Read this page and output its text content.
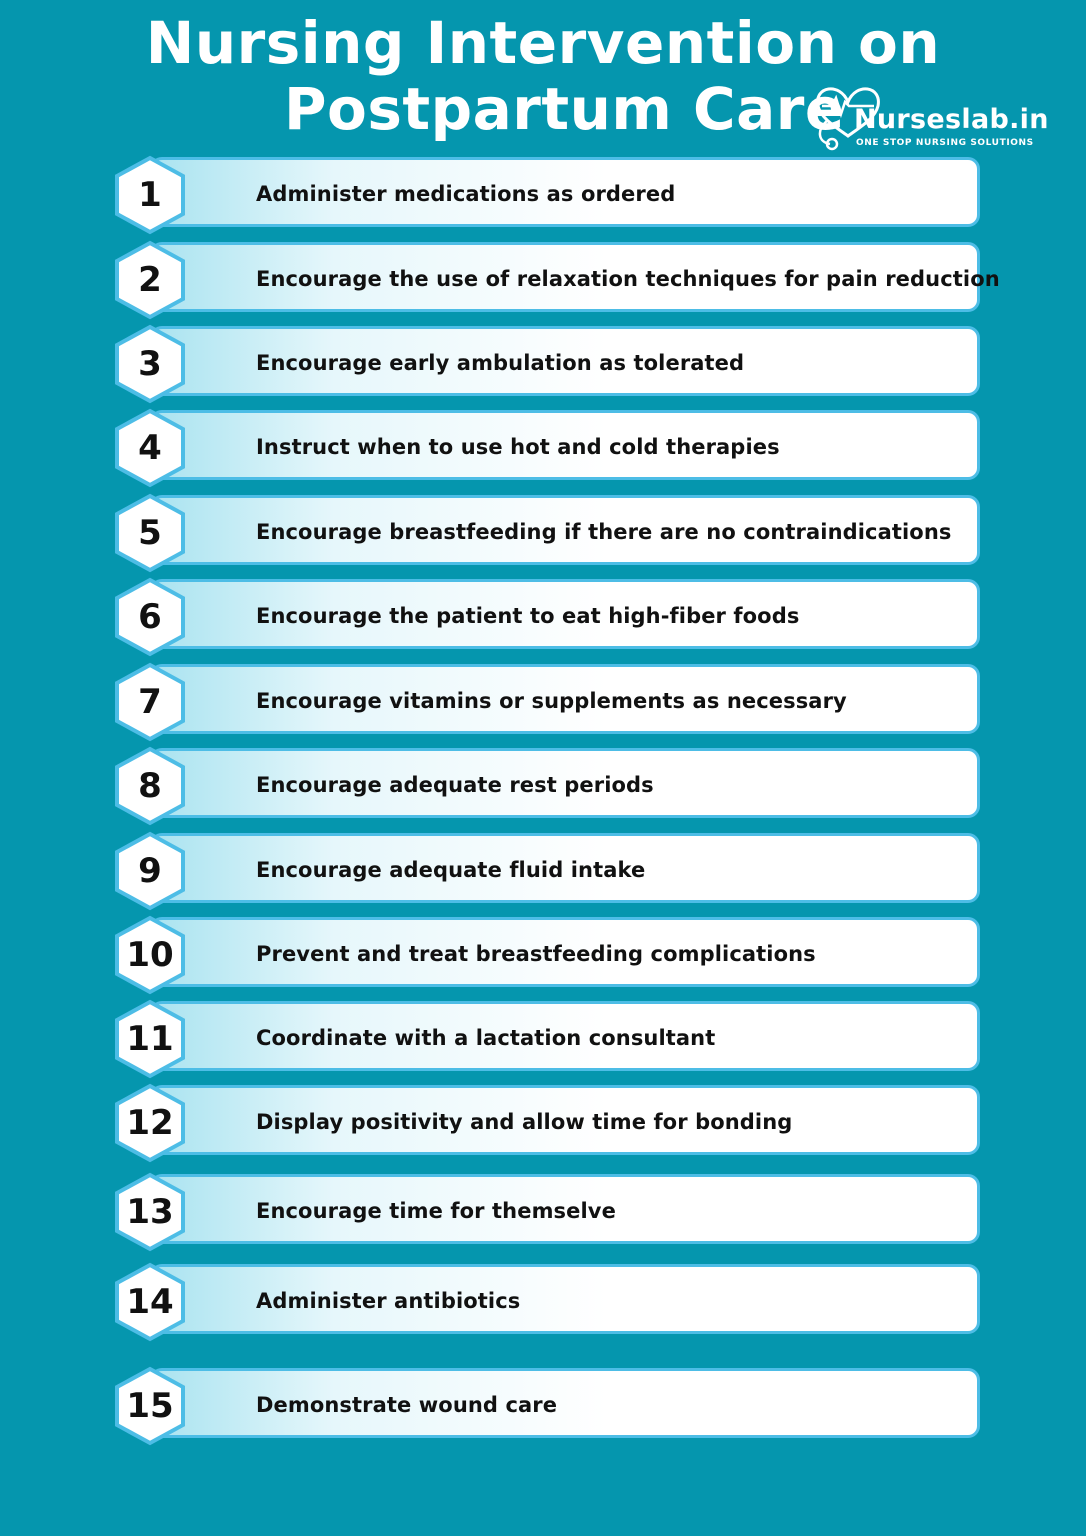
Nursing Intervention on
Postpartum Care Nurseslab.in
ONE STOP NURSING SOLUTIONS
Administer medications as ordered
1
Encourage the use of relaxation techniques for pain reduction
2
Encourage early ambulation as tolerated
3
Instruct when to use hot and cold therapies
4
Encourage breastfeeding if there are no contraindications
5
Encourage the patient to eat high-fiber foods
6
Encourage vitamins or supplements as necessary
7
Encourage adequate rest periods
8
Encourage adequate fluid intake
9
Prevent and treat breastfeeding complications
10
Coordinate with a lactation consultant
11
Display positivity and allow time for bonding
12
Encourage time for themselve
13
Administer antibiotics
14
Demonstrate wound care
15
